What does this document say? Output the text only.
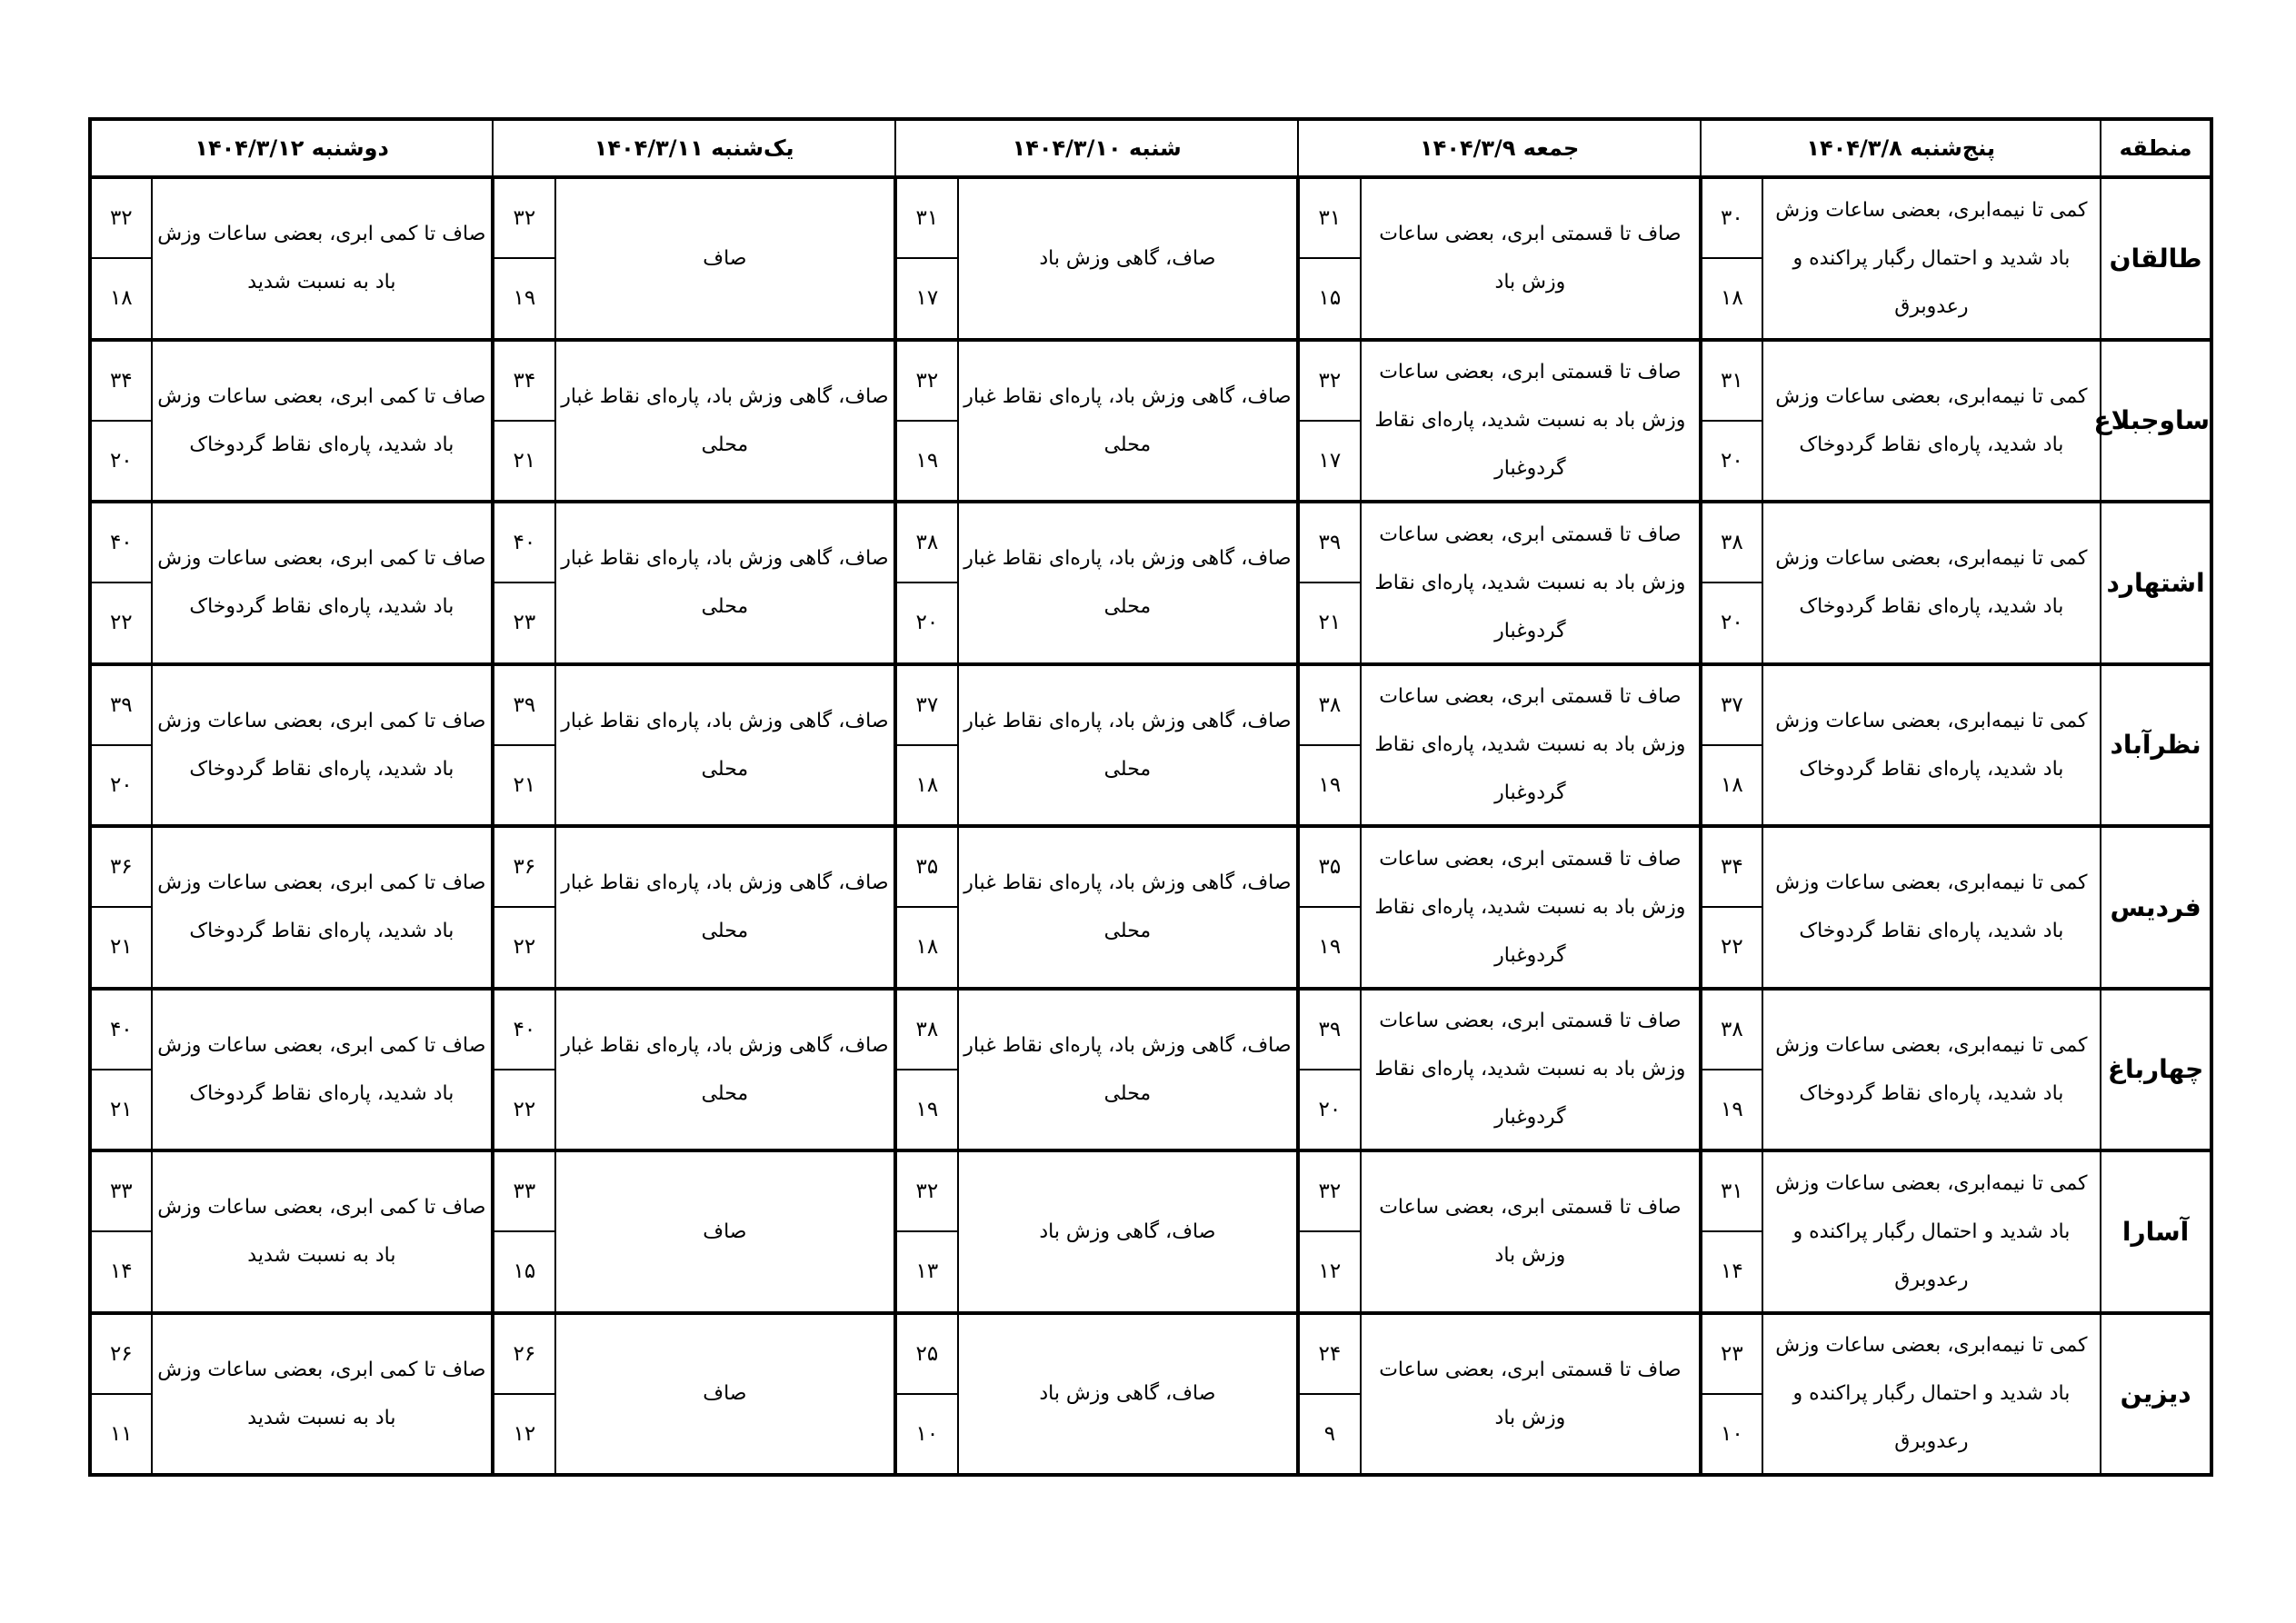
منطقه	پنج‌شنبه ۱۴۰۴/۳/۸		جمعه ۱۴۰۴/۳/۹		شنبه ۱۴۰۴/۳/۱۰		یک‌شنبه ۱۴۰۴/۳/۱۱		دوشنبه ۱۴۰۴/۳/۱۲	
طالقان	کمی تا نیمه‌ابری، بعضی ساعات وزش باد شدید و احتمال رگبار پراکنده و رعدوبرق	۳۰	صاف تا قسمتی ابری، بعضی ساعات وزش باد	۳۱	صاف، گاهی وزش باد	۳۱	صاف	۳۲	صاف تا کمی ابری، بعضی ساعات وزش باد به نسبت شدید	۳۲
		۱۸		۱۵		۱۷		۱۹		۱۸
ساوجبلاغ	کمی تا نیمه‌ابری، بعضی ساعات وزش باد شدید، پاره‌ای نقاط گردوخاک	۳۱	صاف تا قسمتی ابری، بعضی ساعات وزش باد به نسبت شدید، پاره‌ای نقاط گردوغبار	۳۲	صاف، گاهی وزش باد، پاره‌ای نقاط غبار محلی	۳۲	صاف، گاهی وزش باد، پاره‌ای نقاط غبار محلی	۳۴	صاف تا کمی ابری، بعضی ساعات وزش باد شدید، پاره‌ای نقاط گردوخاک	۳۴
		۲۰		۱۷		۱۹		۲۱		۲۰
اشتهارد	کمی تا نیمه‌ابری، بعضی ساعات وزش باد شدید، پاره‌ای نقاط گردوخاک	۳۸	صاف تا قسمتی ابری، بعضی ساعات وزش باد به نسبت شدید، پاره‌ای نقاط گردوغبار	۳۹	صاف، گاهی وزش باد، پاره‌ای نقاط غبار محلی	۳۸	صاف، گاهی وزش باد، پاره‌ای نقاط غبار محلی	۴۰	صاف تا کمی ابری، بعضی ساعات وزش باد شدید، پاره‌ای نقاط گردوخاک	۴۰
		۲۰		۲۱		۲۰		۲۳		۲۲
نظرآباد	کمی تا نیمه‌ابری، بعضی ساعات وزش باد شدید، پاره‌ای نقاط گردوخاک	۳۷	صاف تا قسمتی ابری، بعضی ساعات وزش باد به نسبت شدید، پاره‌ای نقاط گردوغبار	۳۸	صاف، گاهی وزش باد، پاره‌ای نقاط غبار محلی	۳۷	صاف، گاهی وزش باد، پاره‌ای نقاط غبار محلی	۳۹	صاف تا کمی ابری، بعضی ساعات وزش باد شدید، پاره‌ای نقاط گردوخاک	۳۹
		۱۸		۱۹		۱۸		۲۱		۲۰
فردیس	کمی تا نیمه‌ابری، بعضی ساعات وزش باد شدید، پاره‌ای نقاط گردوخاک	۳۴	صاف تا قسمتی ابری، بعضی ساعات وزش باد به نسبت شدید، پاره‌ای نقاط گردوغبار	۳۵	صاف، گاهی وزش باد، پاره‌ای نقاط غبار محلی	۳۵	صاف، گاهی وزش باد، پاره‌ای نقاط غبار محلی	۳۶	صاف تا کمی ابری، بعضی ساعات وزش باد شدید، پاره‌ای نقاط گردوخاک	۳۶
		۲۲		۱۹		۱۸		۲۲		۲۱
چهارباغ	کمی تا نیمه‌ابری، بعضی ساعات وزش باد شدید، پاره‌ای نقاط گردوخاک	۳۸	صاف تا قسمتی ابری، بعضی ساعات وزش باد به نسبت شدید، پاره‌ای نقاط گردوغبار	۳۹	صاف، گاهی وزش باد، پاره‌ای نقاط غبار محلی	۳۸	صاف، گاهی وزش باد، پاره‌ای نقاط غبار محلی	۴۰	صاف تا کمی ابری، بعضی ساعات وزش باد شدید، پاره‌ای نقاط گردوخاک	۴۰
		۱۹		۲۰		۱۹		۲۲		۲۱
آسارا	کمی تا نیمه‌ابری، بعضی ساعات وزش باد شدید و احتمال رگبار پراکنده و رعدوبرق	۳۱	صاف تا قسمتی ابری، بعضی ساعات وزش باد	۳۲	صاف، گاهی وزش باد	۳۲	صاف	۳۳	صاف تا کمی ابری، بعضی ساعات وزش باد به نسبت شدید	۳۳
		۱۴		۱۲		۱۳		۱۵		۱۴
دیزین	کمی تا نیمه‌ابری، بعضی ساعات وزش باد شدید و احتمال رگبار پراکنده و رعدوبرق	۲۳	صاف تا قسمتی ابری، بعضی ساعات وزش باد	۲۴	صاف، گاهی وزش باد	۲۵	صاف	۲۶	صاف تا کمی ابری، بعضی ساعات وزش باد به نسبت شدید	۲۶
		۱۰		۹		۱۰		۱۲		۱۱
